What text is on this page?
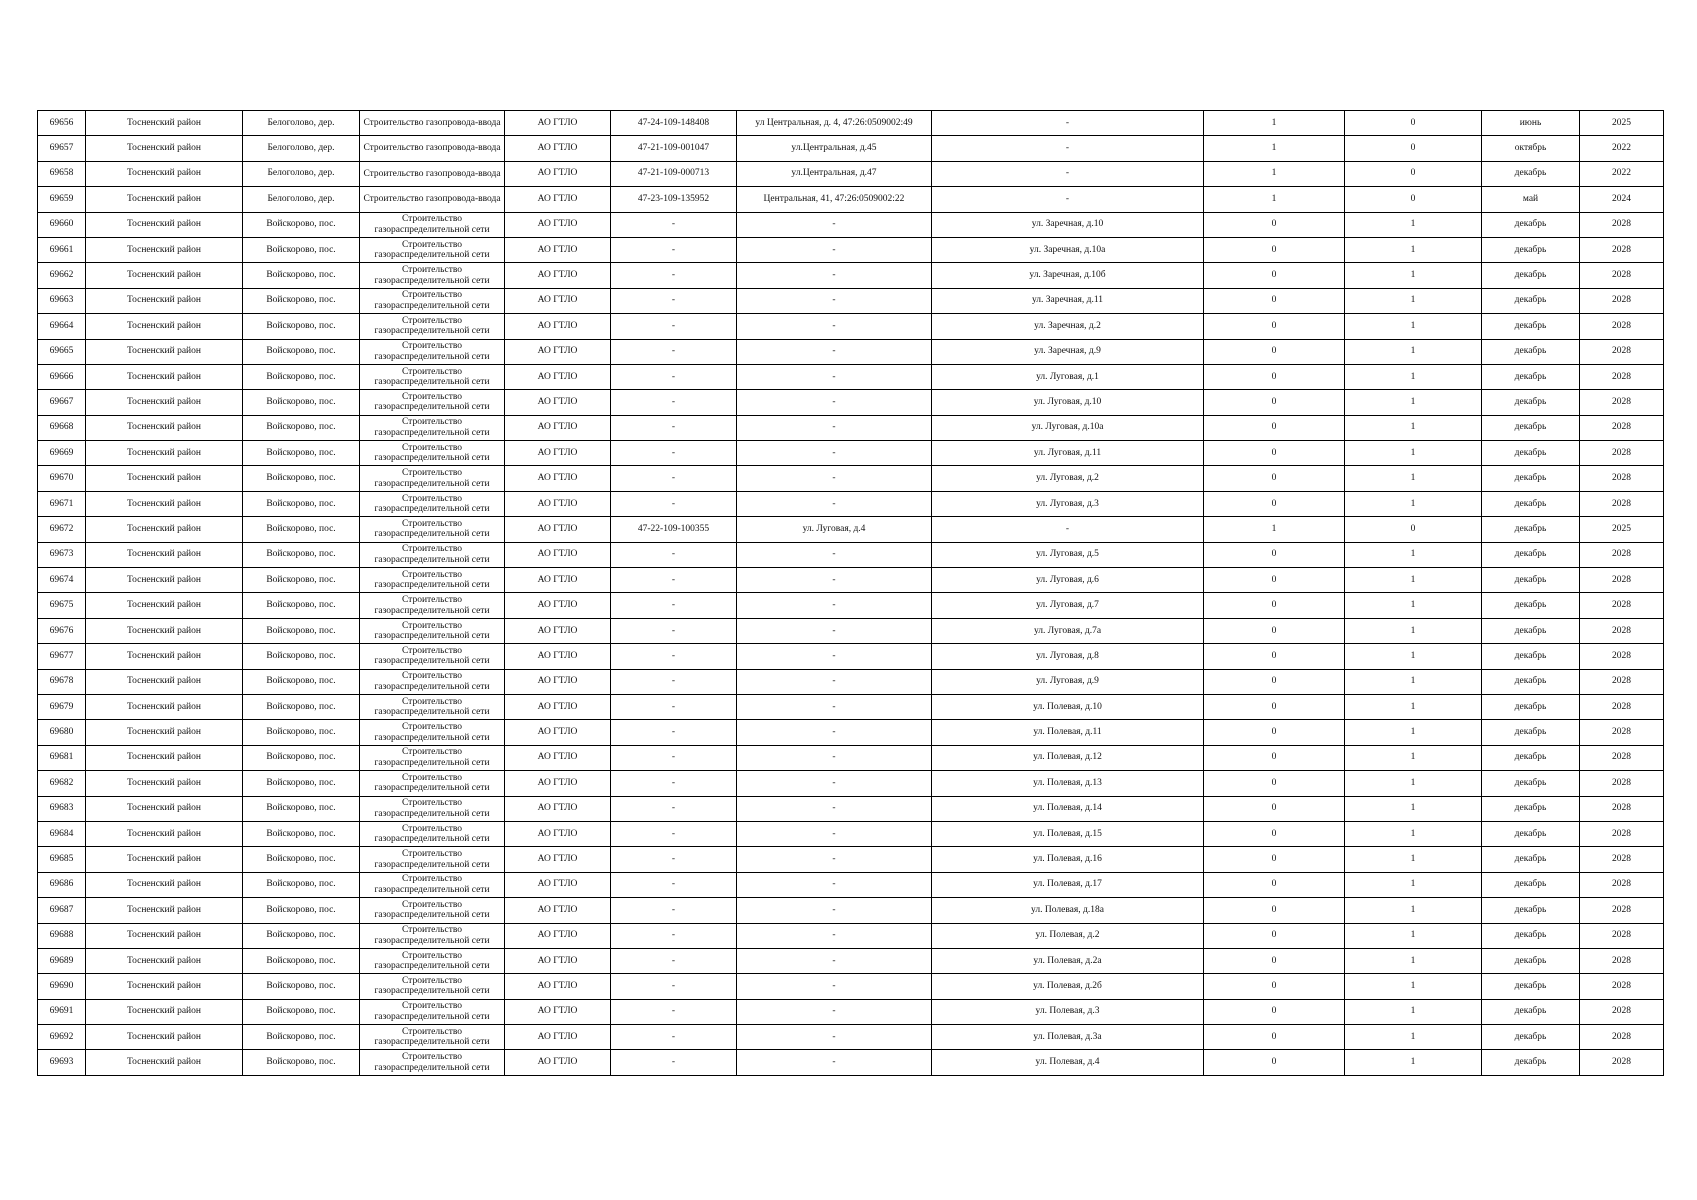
69656	Тосненский район	Белоголово, дер.	Строительство газопровода-ввода	АО ГТЛО	47-24-109-148408	ул Центральная, д. 4, 47:26:0509002:49	-	1	0	июнь	2025
69657	Тосненский район	Белоголово, дер.	Строительство газопровода-ввода	АО ГТЛО	47-21-109-001047	ул.Центральная, д.45	-	1	0	октябрь	2022
69658	Тосненский район	Белоголово, дер.	Строительство газопровода-ввода	АО ГТЛО	47-21-109-000713	ул.Центральная, д.47	-	1	0	декабрь	2022
69659	Тосненский район	Белоголово, дер.	Строительство газопровода-ввода	АО ГТЛО	47-23-109-135952	Центральная, 41, 47:26:0509002:22	-	1	0	май	2024
69660	Тосненский район	Войскорово, пос.	Строительство газораспределительной сети	АО ГТЛО	-	-	ул. Заречная, д.10	0	1	декабрь	2028
69661	Тосненский район	Войскорово, пос.	Строительство газораспределительной сети	АО ГТЛО	-	-	ул. Заречная, д.10а	0	1	декабрь	2028
69662	Тосненский район	Войскорово, пос.	Строительство газораспределительной сети	АО ГТЛО	-	-	ул. Заречная, д.10б	0	1	декабрь	2028
69663	Тосненский район	Войскорово, пос.	Строительство газораспределительной сети	АО ГТЛО	-	-	ул. Заречная, д.11	0	1	декабрь	2028
69664	Тосненский район	Войскорово, пос.	Строительство газораспределительной сети	АО ГТЛО	-	-	ул. Заречная, д.2	0	1	декабрь	2028
69665	Тосненский район	Войскорово, пос.	Строительство газораспределительной сети	АО ГТЛО	-	-	ул. Заречная, д.9	0	1	декабрь	2028
69666	Тосненский район	Войскорово, пос.	Строительство газораспределительной сети	АО ГТЛО	-	-	ул. Луговая, д.1	0	1	декабрь	2028
69667	Тосненский район	Войскорово, пос.	Строительство газораспределительной сети	АО ГТЛО	-	-	ул. Луговая, д.10	0	1	декабрь	2028
69668	Тосненский район	Войскорово, пос.	Строительство газораспределительной сети	АО ГТЛО	-	-	ул. Луговая, д.10а	0	1	декабрь	2028
69669	Тосненский район	Войскорово, пос.	Строительство газораспределительной сети	АО ГТЛО	-	-	ул. Луговая, д.11	0	1	декабрь	2028
69670	Тосненский район	Войскорово, пос.	Строительство газораспределительной сети	АО ГТЛО	-	-	ул. Луговая, д.2	0	1	декабрь	2028
69671	Тосненский район	Войскорово, пос.	Строительство газораспределительной сети	АО ГТЛО	-	-	ул. Луговая, д.3	0	1	декабрь	2028
69672	Тосненский район	Войскорово, пос.	Строительство газораспределительной сети	АО ГТЛО	47-22-109-100355	ул. Луговая, д.4	-	1	0	декабрь	2025
69673	Тосненский район	Войскорово, пос.	Строительство газораспределительной сети	АО ГТЛО	-	-	ул. Луговая, д.5	0	1	декабрь	2028
69674	Тосненский район	Войскорово, пос.	Строительство газораспределительной сети	АО ГТЛО	-	-	ул. Луговая, д.6	0	1	декабрь	2028
69675	Тосненский район	Войскорово, пос.	Строительство газораспределительной сети	АО ГТЛО	-	-	ул. Луговая, д.7	0	1	декабрь	2028
69676	Тосненский район	Войскорово, пос.	Строительство газораспределительной сети	АО ГТЛО	-	-	ул. Луговая, д.7а	0	1	декабрь	2028
69677	Тосненский район	Войскорово, пос.	Строительство газораспределительной сети	АО ГТЛО	-	-	ул. Луговая, д.8	0	1	декабрь	2028
69678	Тосненский район	Войскорово, пос.	Строительство газораспределительной сети	АО ГТЛО	-	-	ул. Луговая, д.9	0	1	декабрь	2028
69679	Тосненский район	Войскорово, пос.	Строительство газораспределительной сети	АО ГТЛО	-	-	ул. Полевая, д.10	0	1	декабрь	2028
69680	Тосненский район	Войскорово, пос.	Строительство газораспределительной сети	АО ГТЛО	-	-	ул. Полевая, д.11	0	1	декабрь	2028
69681	Тосненский район	Войскорово, пос.	Строительство газораспределительной сети	АО ГТЛО	-	-	ул. Полевая, д.12	0	1	декабрь	2028
69682	Тосненский район	Войскорово, пос.	Строительство газораспределительной сети	АО ГТЛО	-	-	ул. Полевая, д.13	0	1	декабрь	2028
69683	Тосненский район	Войскорово, пос.	Строительство газораспределительной сети	АО ГТЛО	-	-	ул. Полевая, д.14	0	1	декабрь	2028
69684	Тосненский район	Войскорово, пос.	Строительство газораспределительной сети	АО ГТЛО	-	-	ул. Полевая, д.15	0	1	декабрь	2028
69685	Тосненский район	Войскорово, пос.	Строительство газораспределительной сети	АО ГТЛО	-	-	ул. Полевая, д.16	0	1	декабрь	2028
69686	Тосненский район	Войскорово, пос.	Строительство газораспределительной сети	АО ГТЛО	-	-	ул. Полевая, д.17	0	1	декабрь	2028
69687	Тосненский район	Войскорово, пос.	Строительство газораспределительной сети	АО ГТЛО	-	-	ул. Полевая, д.18а	0	1	декабрь	2028
69688	Тосненский район	Войскорово, пос.	Строительство газораспределительной сети	АО ГТЛО	-	-	ул. Полевая, д.2	0	1	декабрь	2028
69689	Тосненский район	Войскорово, пос.	Строительство газораспределительной сети	АО ГТЛО	-	-	ул. Полевая, д.2а	0	1	декабрь	2028
69690	Тосненский район	Войскорово, пос.	Строительство газораспределительной сети	АО ГТЛО	-	-	ул. Полевая, д.2б	0	1	декабрь	2028
69691	Тосненский район	Войскорово, пос.	Строительство газораспределительной сети	АО ГТЛО	-	-	ул. Полевая, д.3	0	1	декабрь	2028
69692	Тосненский район	Войскорово, пос.	Строительство газораспределительной сети	АО ГТЛО	-	-	ул. Полевая, д.3а	0	1	декабрь	2028
69693	Тосненский район	Войскорово, пос.	Строительство газораспределительной сети	АО ГТЛО	-	-	ул. Полевая, д.4	0	1	декабрь	2028
